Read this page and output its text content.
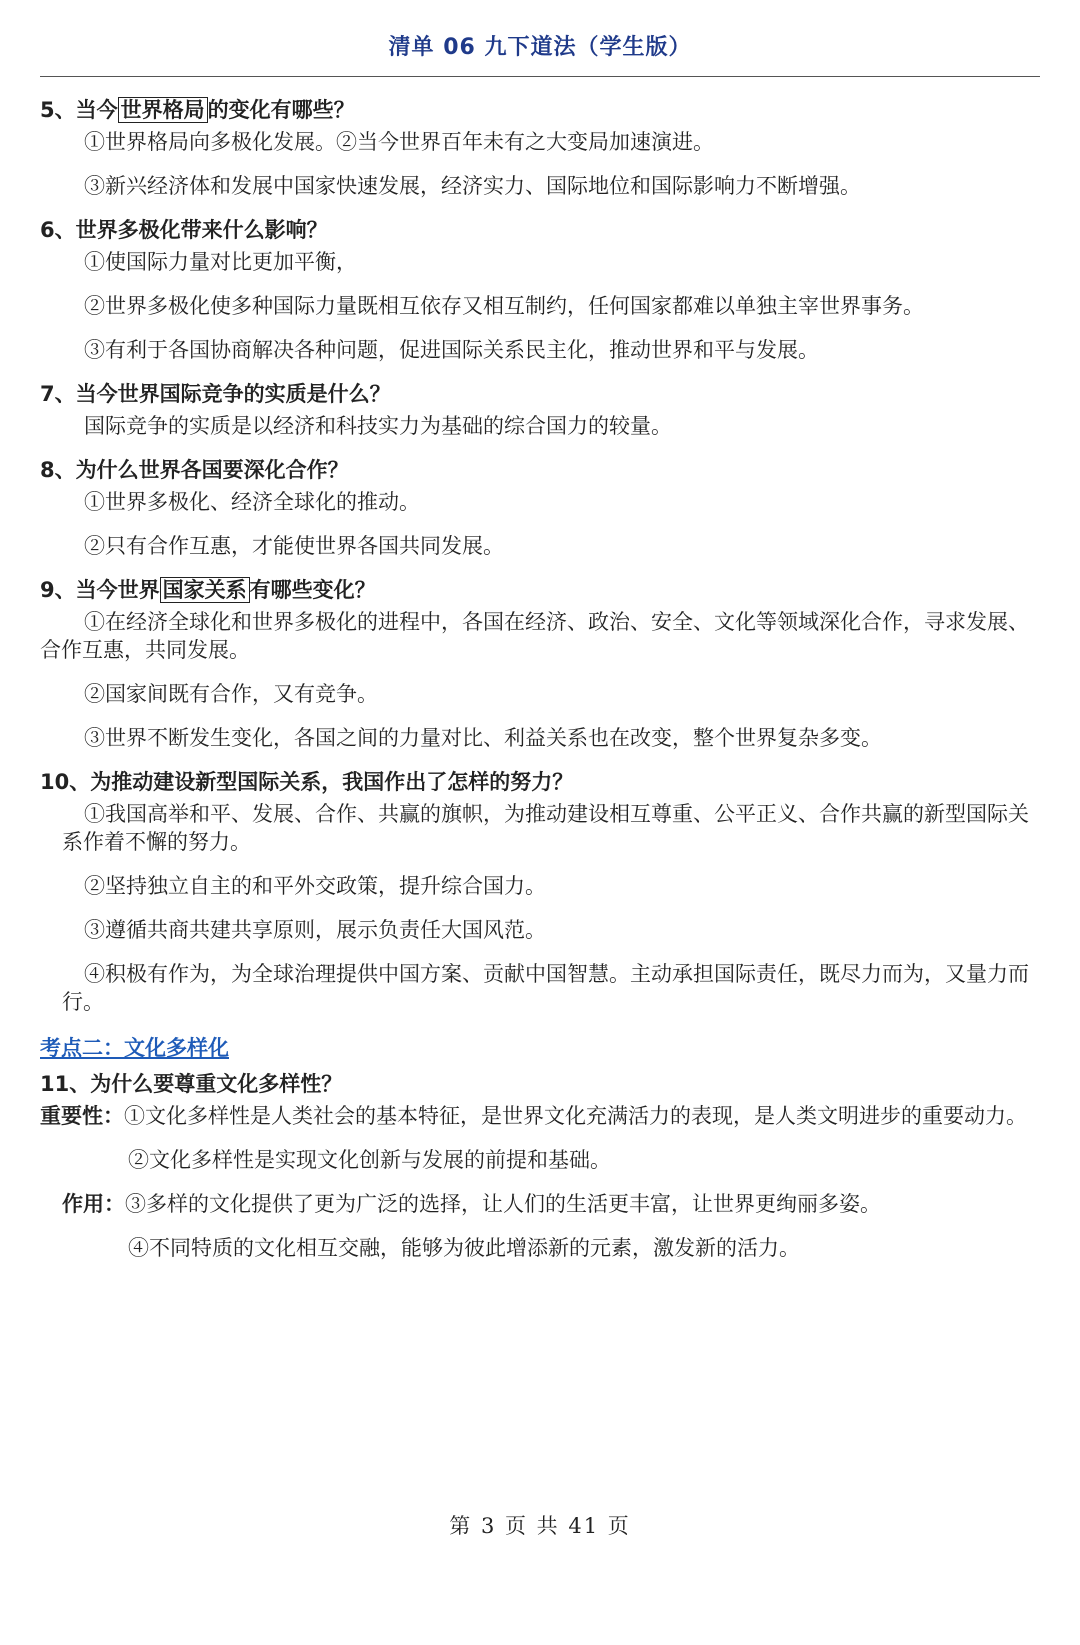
清单 06 九下道法（学生版）
5、当今 世界格局 的变化有哪些？
①世界格局向多极化发展。②当今世界百年未有之大变局加速演进。
③新兴经济体和发展中国家快速发展，经济实力、国际地位和国际影响力不断增强。
6、世界多极化带来什么影响？
①使国际力量对比更加平衡，
②世界多极化使多种国际力量既相互依存又相互制约，任何国家都难以单独主宰世界事务。
③有利于各国协商解决各种问题，促进国际关系民主化，推动世界和平与发展。
7、当今世界国际竞争的实质是什么？
国际竞争的实质是以经济和科技实力为基础的综合国力的较量。
8、为什么世界各国要深化合作？
①世界多极化、经济全球化的推动。
②只有合作互惠，才能使世界各国共同发展。
9、当今世界 国家关系 有哪些变化？
①在经济全球化和世界多极化的进程中，各国在经济、政治、安全、文化等领域深化合作，寻求发展、合作互惠，共同发展。
②国家间既有合作，又有竞争。
③世界不断发生变化，各国之间的力量对比、利益关系也在改变，整个世界复杂多变。
10、为推动建设新型国际关系，我国作出了怎样的努力？
①我国高举和平、发展、合作、共赢的旗帜，为推动建设相互尊重、公平正义、合作共赢的新型国际关系作着不懈的努力。
②坚持独立自主的和平外交政策，提升综合国力。
③遵循共商共建共享原则，展示负责任大国风范。
④积极有作为，为全球治理提供中国方案、贡献中国智慧。主动承担国际责任，既尽力而为，又量力而行。
考点二：文化多样化
11、为什么要尊重文化多样性？
重要性：①文化多样性是人类社会的基本特征，是世界文化充满活力的表现，是人类文明进步的重要动力。
②文化多样性是实现文化创新与发展的前提和基础。
作用：③多样的文化提供了更为广泛的选择，让人们的生活更丰富，让世界更绚丽多姿。
④不同特质的文化相互交融，能够为彼此增添新的元素，激发新的活力。
第 3 页 共 41 页
